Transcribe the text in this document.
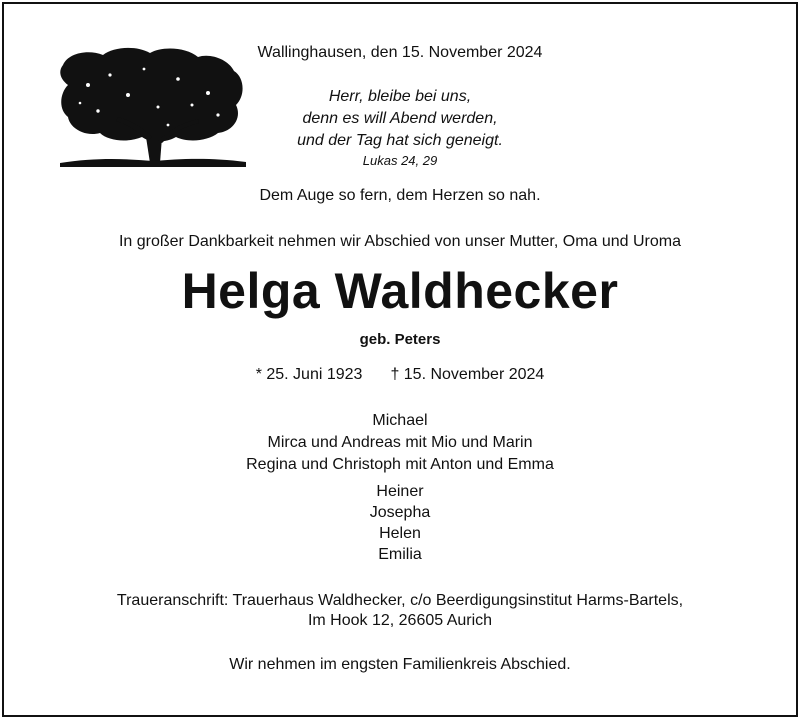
Wallinghausen, den 15. November 2024
Herr, bleibe bei uns,
denn es will Abend werden,
und der Tag hat sich geneigt.
Lukas 24, 29
Dem Auge so fern, dem Herzen so nah.
In großer Dankbarkeit nehmen wir Abschied von unser Mutter, Oma und Uroma
Helga Waldhecker
geb. Peters
* 25. Juni 1923 † 15. November 2024
Michael
Mirca und Andreas mit Mio und Marin
Regina und Christoph mit Anton und Emma
Heiner
Josepha
Helen
Emilia
Traueranschrift: Trauerhaus Waldhecker, c/o Beerdigungsinstitut Harms-Bartels,
Im Hook 12, 26605 Aurich
Wir nehmen im engsten Familienkreis Abschied.
